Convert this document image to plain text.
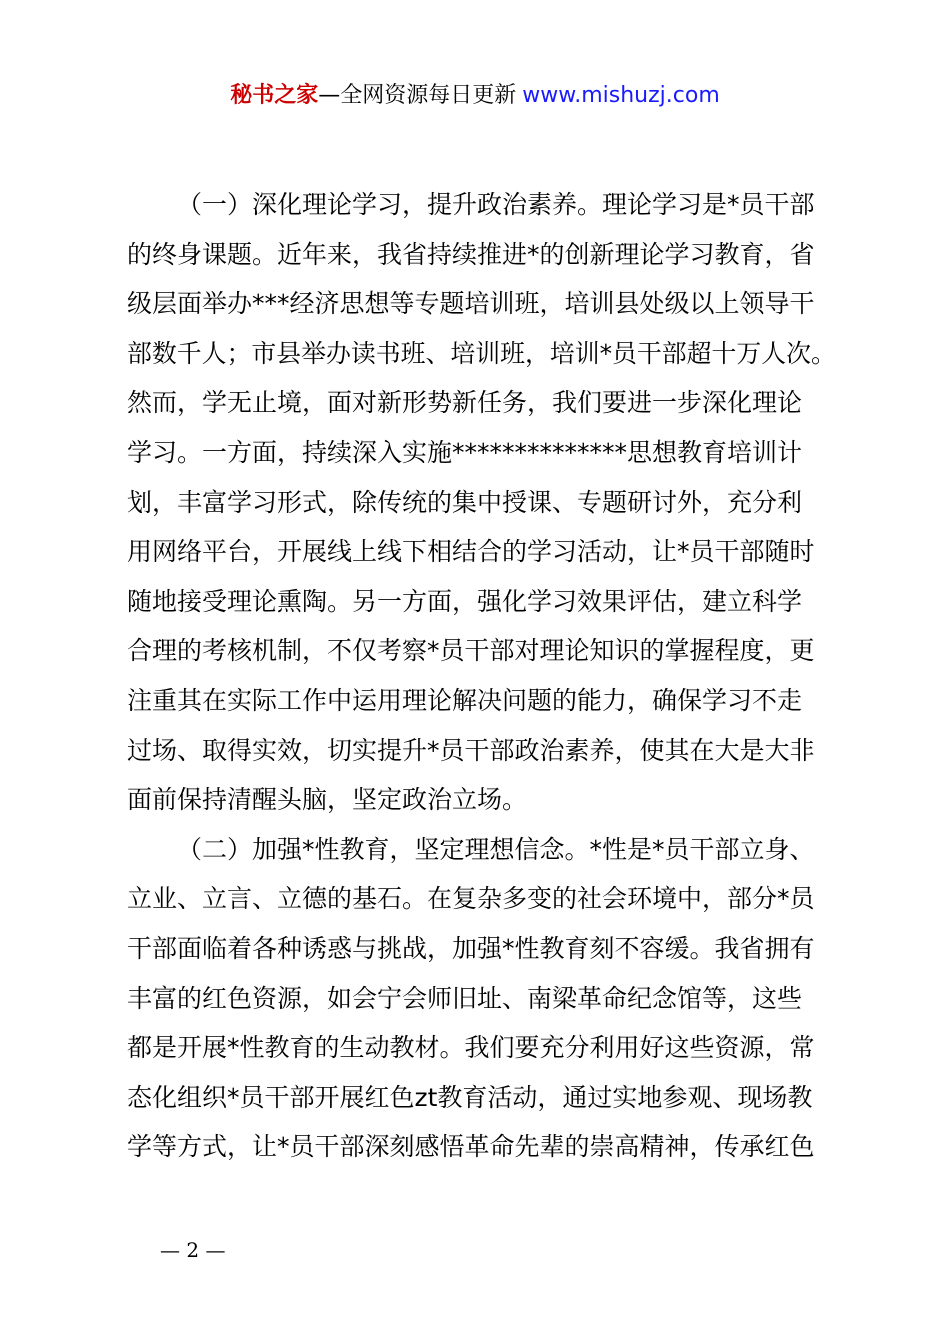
秘书之家—全网资源每日更新 www.mishuzj.com
（一）深化理论学习，提升政治素养。理论学习是*员干部
的终身课题。近年来，我省持续推进*的创新理论学习教育，省
级层面举办***经济思想等专题培训班，培训县处级以上领导干
部数千人；市县举办读书班、培训班，培训*员干部超十万人次。
然而，学无止境，面对新形势新任务，我们要进一步深化理论
学习。一方面，持续深入实施**************思想教育培训计
划，丰富学习形式，除传统的集中授课、专题研讨外，充分利
用网络平台，开展线上线下相结合的学习活动，让*员干部随时
随地接受理论熏陶。另一方面，强化学习效果评估，建立科学
合理的考核机制，不仅考察*员干部对理论知识的掌握程度，更
注重其在实际工作中运用理论解决问题的能力，确保学习不走
过场、取得实效，切实提升*员干部政治素养，使其在大是大非
面前保持清醒头脑，坚定政治立场。
（二）加强*性教育，坚定理想信念。*性是*员干部立身、
立业、立言、立德的基石。在复杂多变的社会环境中，部分*员
干部面临着各种诱惑与挑战，加强*性教育刻不容缓。我省拥有
丰富的红色资源，如会宁会师旧址、南梁革命纪念馆等，这些
都是开展*性教育的生动教材。我们要充分利用好这些资源，常
态化组织*员干部开展红色zt教育活动，通过实地参观、现场教
学等方式，让*员干部深刻感悟革命先辈的崇高精神，传承红色
— 2 —
